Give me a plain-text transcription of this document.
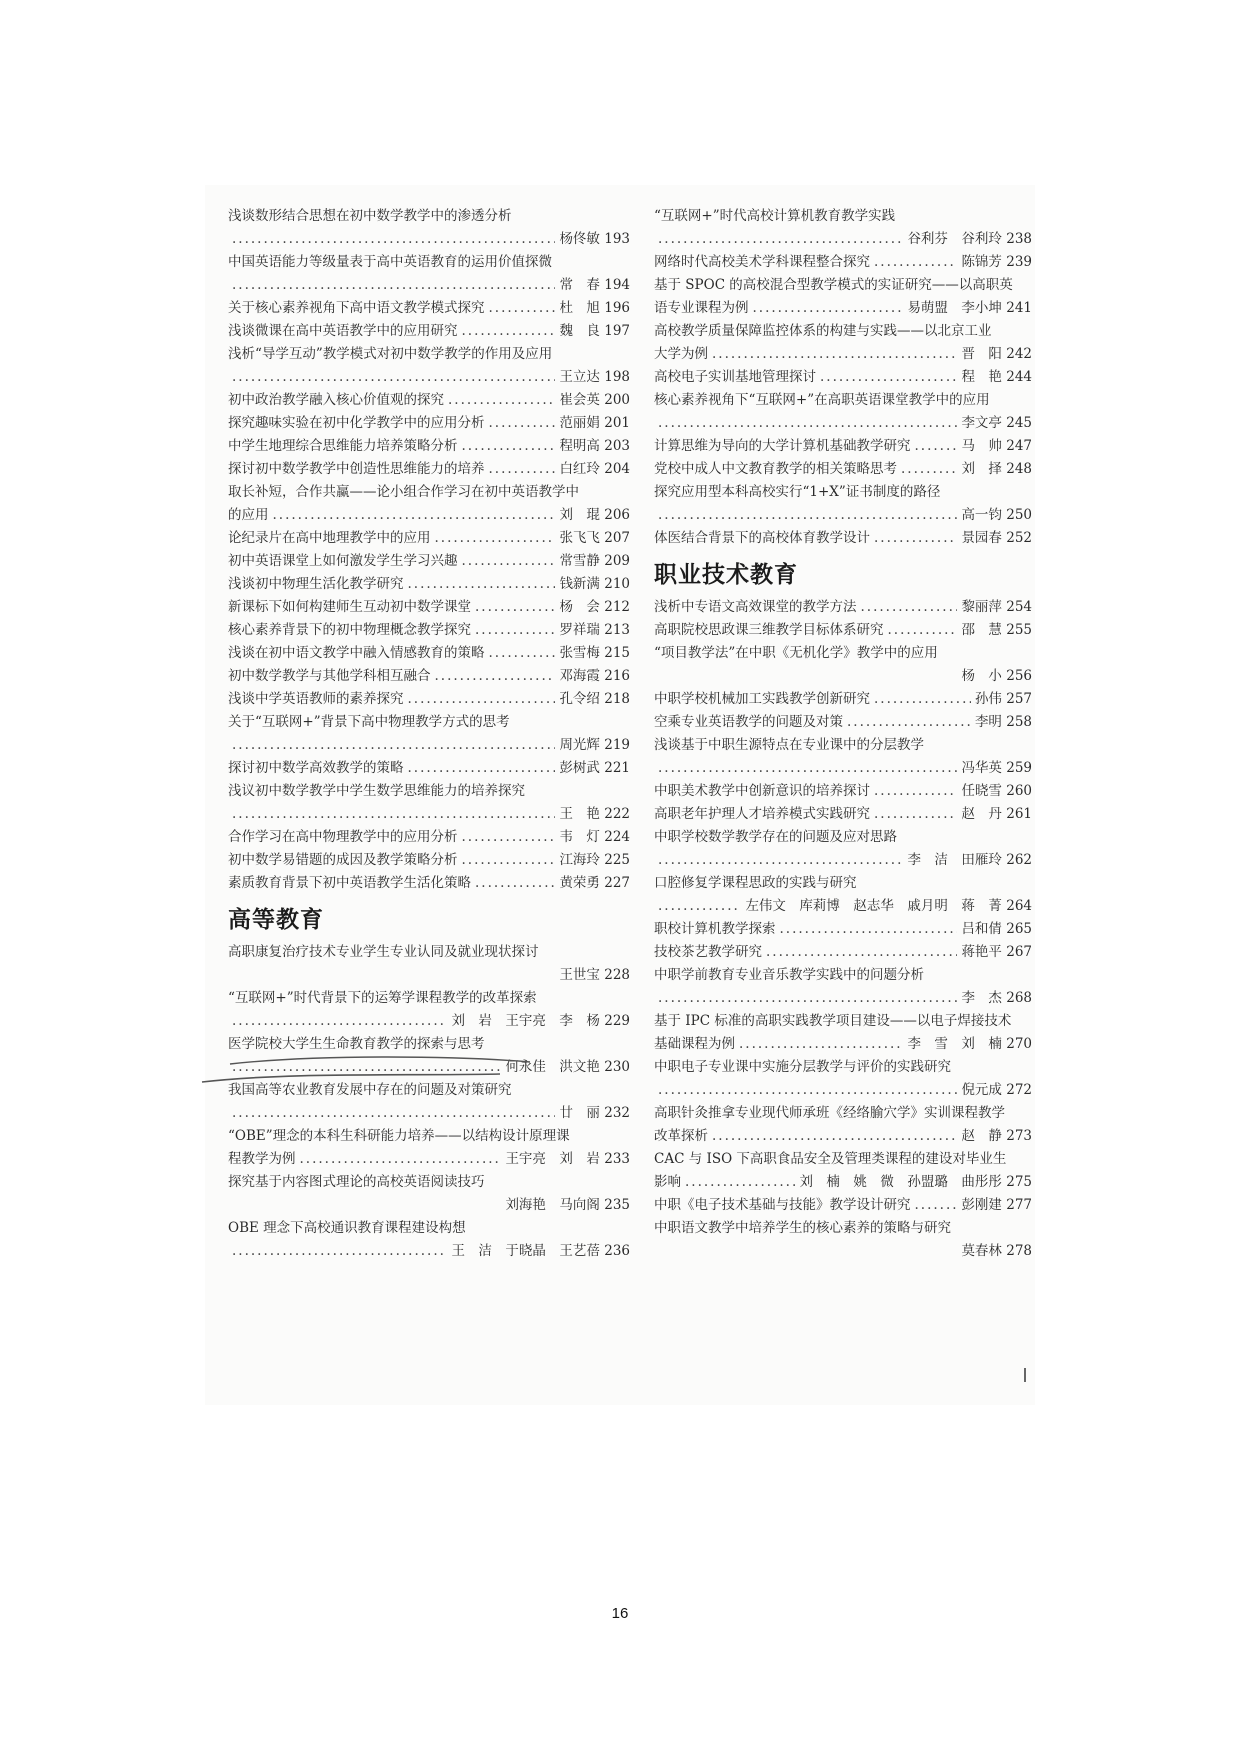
浅谈数形结合思想在初中数学教学中的渗透分析
.....
杨佟敏 193
中国英语能力等级量表于高中英语教育的运用价值探微
.....
常　春 194
关于核心素养视角下高中语文教学模式探究 .....	杜　旭 196
浅谈微课在高中英语教学中的应用研究 .....	魏　良 197
浅析“导学互动”教学模式对初中数学教学的作用及应用
.....
王立达 198
初中政治教学融入核心价值观的探究 .....	崔会英 200
探究趣味实验在初中化学教学中的应用分析 .....	范丽娟 201
中学生地理综合思维能力培养策略分析 .....	程明高 203
探讨初中数学教学中创造性思维能力的培养 .....	白红玲 204
取长补短，合作共赢——论小组合作学习在初中英语教学中
的应用 .....	刘　琨 206
论纪录片在高中地理教学中的应用 .....	张飞飞 207
初中英语课堂上如何激发学生学习兴趣 .....	常雪静 209
浅谈初中物理生活化教学研究 .....	钱新满 210
新课标下如何构建师生互动初中数学课堂 .....	杨　会 212
核心素养背景下的初中物理概念教学探究 .....	罗祥瑞 213
浅谈在初中语文教学中融入情感教育的策略 .....	张雪梅 215
初中数学教学与其他学科相互融合 .....	邓海霞 216
浅谈中学英语教师的素养探究 .....	孔令绍 218
关于“互联网+”背景下高中物理教学方式的思考
.....
周光辉 219
探讨初中数学高效教学的策略 .....	彭树武 221
浅议初中数学教学中学生数学思维能力的培养探究
.....
王　艳 222
合作学习在高中物理教学中的应用分析 .....	韦　灯 224
初中数学易错题的成因及教学策略分析 .....	江海玲 225
素质教育背景下初中英语教学生活化策略 .....	黄荣勇 227
高等教育
高职康复治疗技术专业学生专业认同及就业现状探讨
王世宝 228
“互联网+”时代背景下的运筹学课程教学的改革探索
.....
刘　岩　王宇亮　李　杨 229
医学院校大学生生命教育教学的探索与思考
.....
何永佳　洪文艳 230
我国高等农业教育发展中存在的问题及对策研究
.....
廿　丽 232
“OBE”理念的本科生科研能力培养——以结构设计原理课
程教学为例 .....	王宇亮　刘　岩 233
探究基于内容图式理论的高校英语阅读技巧
刘海艳　马向阁 235
OBE 理念下高校通识教育课程建设构想
.....
王　洁　于晓晶　王艺蓓 236
“互联网+”时代高校计算机教育教学实践
.....
谷利芬　谷利玲 238
网络时代高校美术学科课程整合探究 .....	陈锦芳 239
基于 SPOC 的高校混合型教学模式的实证研究——以高职英
语专业课程为例 .....	易萌盟　李小坤 241
高校教学质量保障监控体系的构建与实践——以北京工业
大学为例 .....	晋　阳 242
高校电子实训基地管理探讨 .....	程　艳 244
核心素养视角下“互联网+”在高职英语课堂教学中的应用
.....
李文亭 245
计算思维为导向的大学计算机基础教学研究 .....	马　帅 247
党校中成人中文教育教学的相关策略思考 .....	刘　择 248
探究应用型本科高校实行“1+X”证书制度的路径
.....
高一钧 250
体医结合背景下的高校体育教学设计 .....	景园春 252
职业技术教育
浅析中专语文高效课堂的教学方法 .....	黎丽萍 254
高职院校思政课三维教学目标体系研究 .....	邵　慧 255
“项目教学法”在中职《无机化学》教学中的应用
杨　小 256
中职学校机械加工实践教学创新研究 .....	孙伟 257
空乘专业英语教学的问题及对策 .....	李明 258
浅谈基于中职生源特点在专业课中的分层教学
.....
冯华英 259
中职美术教学中创新意识的培养探讨 .....	任晓雪 260
高职老年护理人才培养模式实践研究 .....	赵　丹 261
中职学校数学教学存在的问题及应对思路
.....
李　洁　田雁玲 262
口腔修复学课程思政的实践与研究
.....
左伟文　库莉博　赵志华　戚月明　蒋　菁 264
职校计算机教学探索 .....	吕和倩 265
技校茶艺教学研究 .....	蒋艳平 267
中职学前教育专业音乐教学实践中的问题分析
.....
李　杰 268
基于 IPC 标准的高职实践教学项目建设——以电子焊接技术
基础课程为例 .....	李　雪　刘　楠 270
中职电子专业课中实施分层教学与评价的实践研究
.....
倪元成 272
高职针灸推拿专业现代师承班《经络腧穴学》实训课程教学
改革探析 .....	赵　静 273
CAC 与 ISO 下高职食品安全及管理类课程的建设对毕业生
影响 .....	刘　楠　姚　微　孙盟璐　曲彤彤 275
中职《电子技术基础与技能》教学设计研究 .....	彭刚建 277
中职语文教学中培养学生的核心素养的策略与研究
莫春林 278
16
